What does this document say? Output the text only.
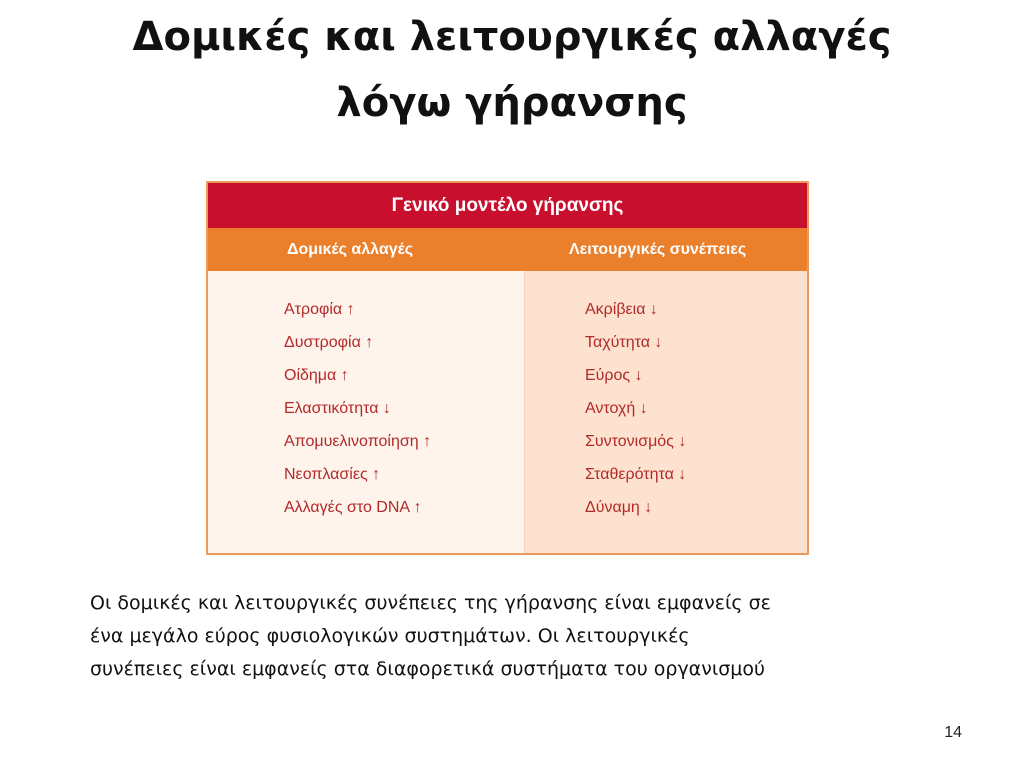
Δομικές και λειτουργικές αλλαγές
λόγω γήρανσης
Γενικό μοντέλο γήρανσης
Δομικές αλλαγές	Λειτουργικές συνέπειες
Ατροφία ↑
Δυστροφία ↑
Οίδημα ↑
Ελαστικότητα ↓
Απομυελινοποίηση ↑
Νεοπλασίες ↑
Αλλαγές στο DNA ↑
Ακρίβεια ↓
Ταχύτητα ↓
Εύρος ↓
Αντοχή ↓
Συντονισμός ↓
Σταθερότητα ↓
Δύναμη ↓
Οι δομικές και λειτουργικές συνέπειες της γήρανσης είναι εμφανείς σε
ένα μεγάλο εύρος φυσιολογικών συστημάτων. Οι λειτουργικές
συνέπειες είναι εμφανείς στα διαφορετικά συστήματα του οργανισμού
14
